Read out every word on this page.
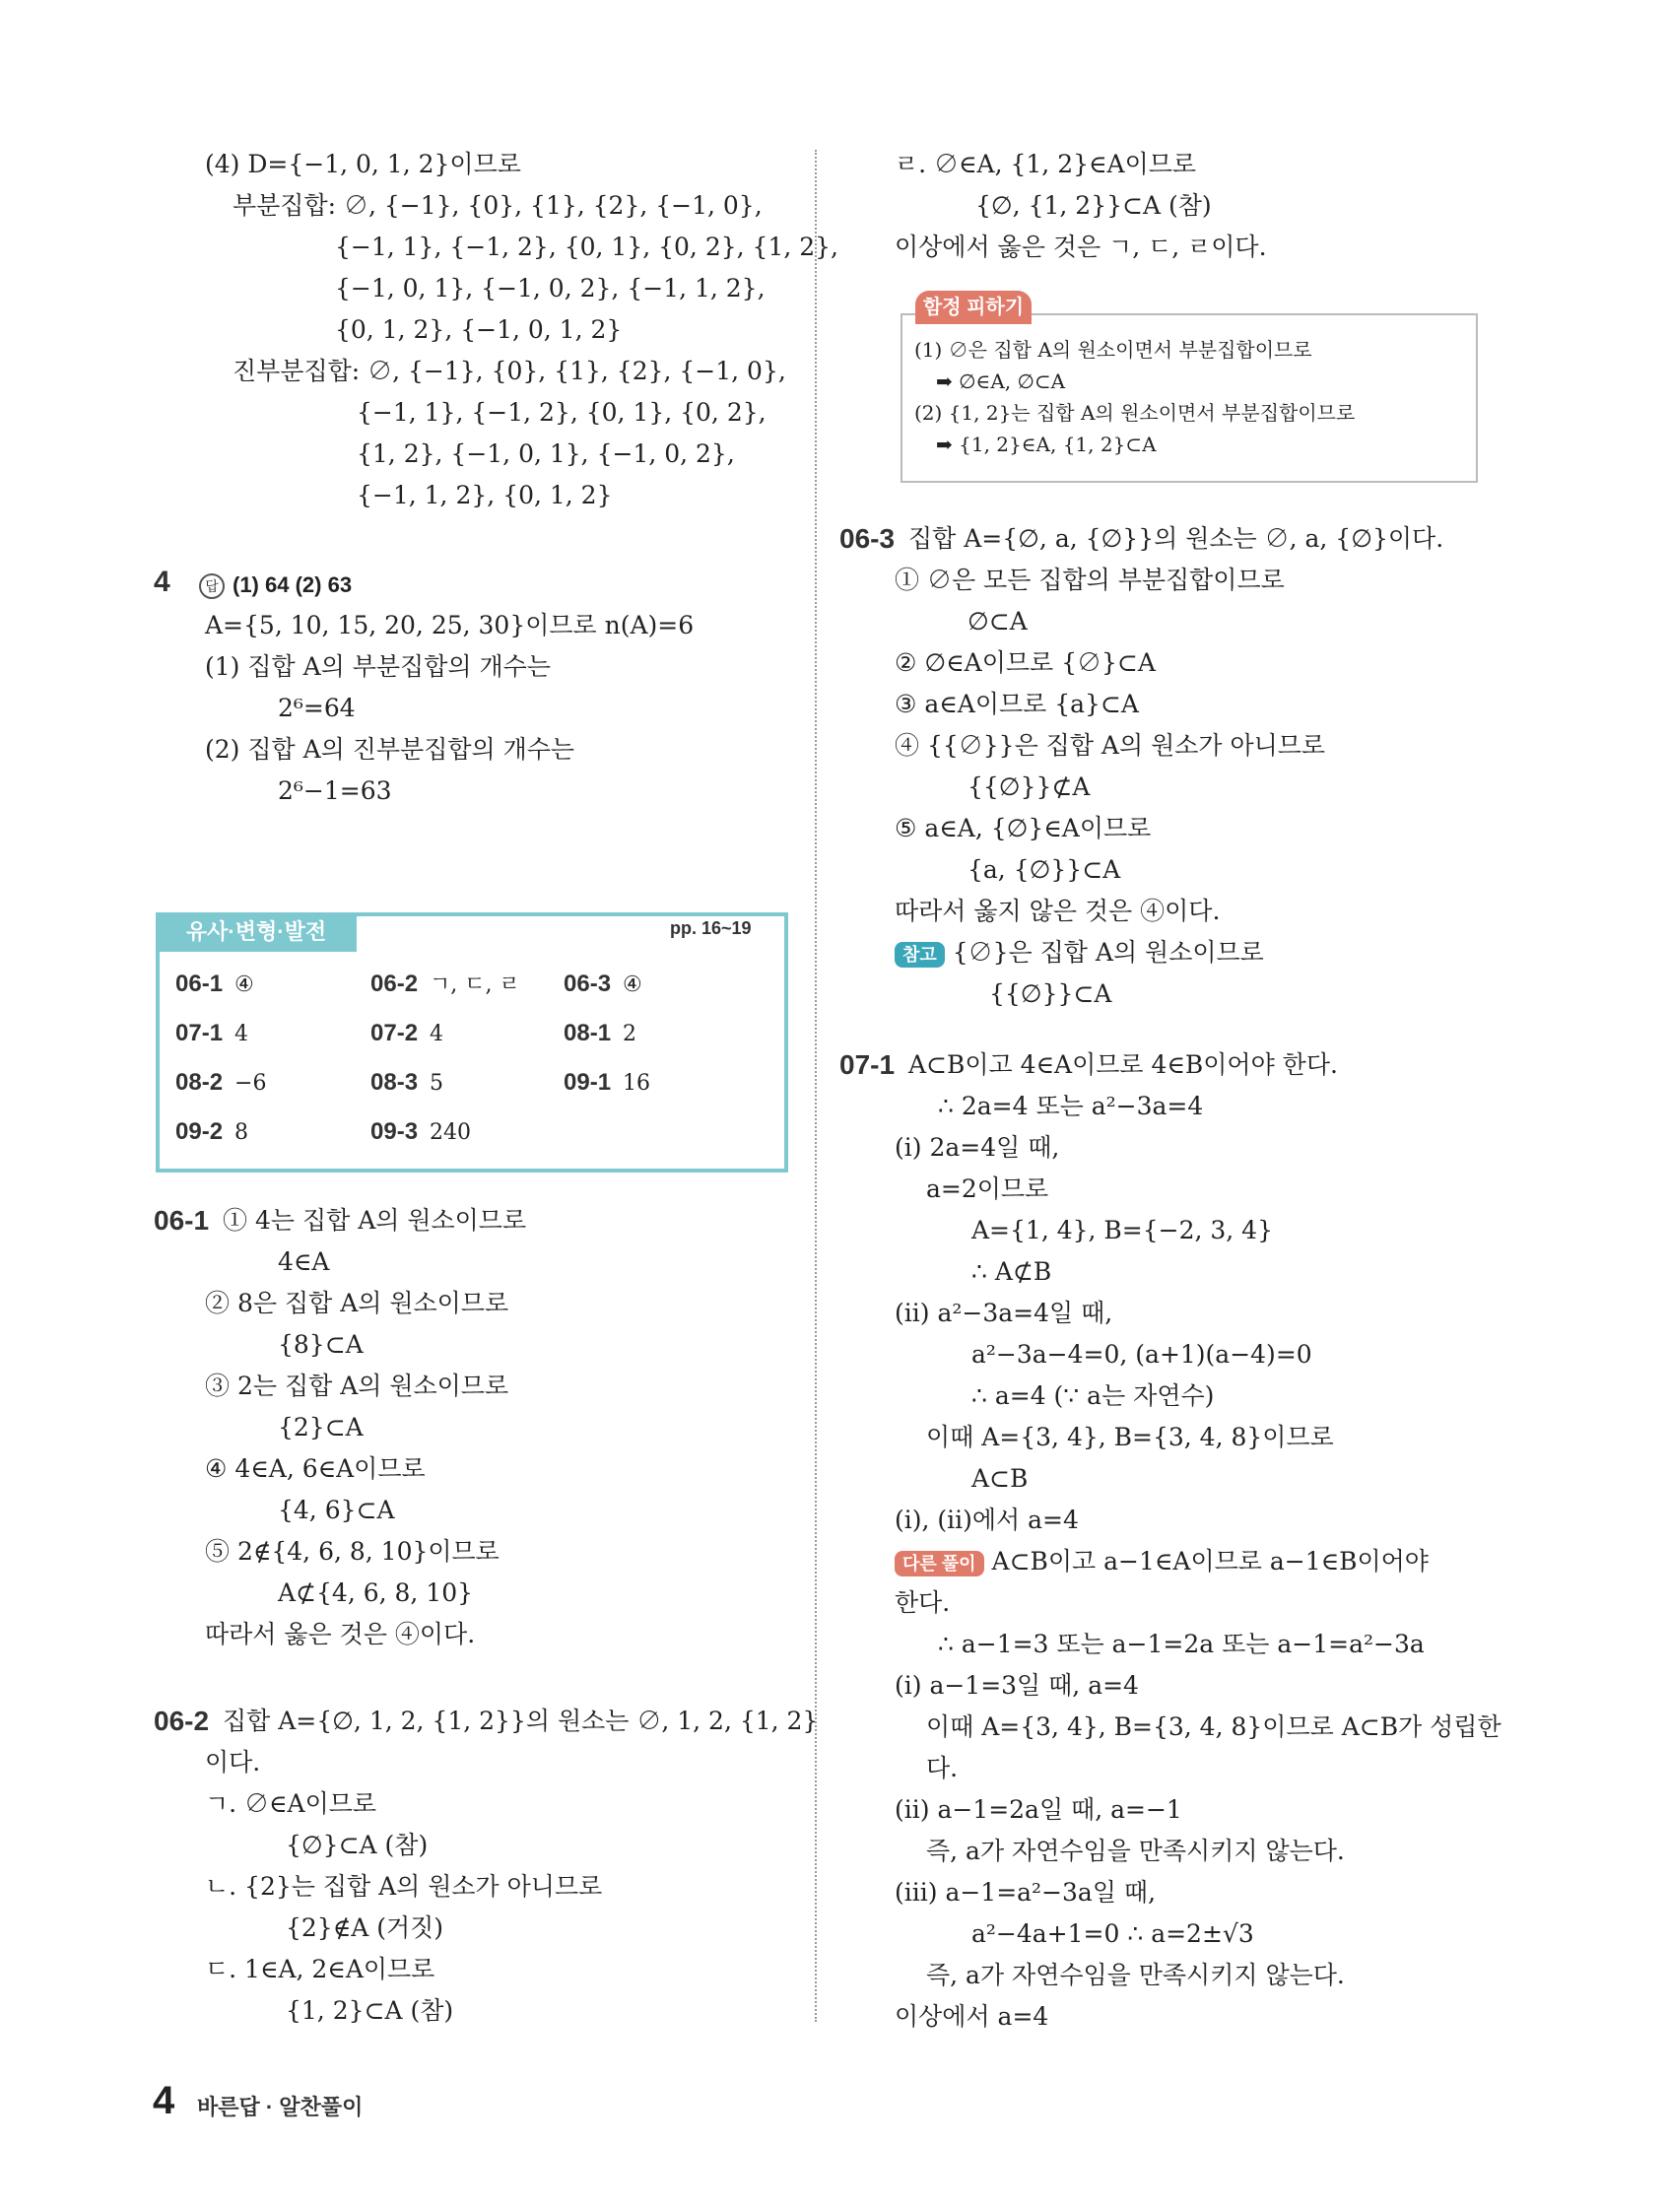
(4) D={−1, 0, 1, 2}이므로
부분집합: ∅, {−1}, {0}, {1}, {2}, {−1, 0},
{−1, 1}, {−1, 2}, {0, 1}, {0, 2}, {1, 2},
{−1, 0, 1}, {−1, 0, 2}, {−1, 1, 2},
{0, 1, 2}, {−1, 0, 1, 2}
진부분집합: ∅, {−1}, {0}, {1}, {2}, {−1, 0},
{−1, 1}, {−1, 2}, {0, 1}, {0, 2},
{1, 2}, {−1, 0, 1}, {−1, 0, 2},
{−1, 1, 2}, {0, 1, 2}
4	답 (1) 64 (2) 63
A={5, 10, 15, 20, 25, 30}이므로 n(A)=6
(1) 집합 A의 부분집합의 개수는
2⁶=64
(2) 집합 A의 진부분집합의 개수는
2⁶−1=63
유사·변형·발전	pp. 16~19
06-1 ④	06-2 ㄱ, ㄷ, ㄹ 06-3 ④
07-1 4	07-2 4	08-1 2
08-2 −6	08-3 5	09-1 16
09-2 8	09-3 240
06-1 ① 4는 집합 A의 원소이므로
4∈A
② 8은 집합 A의 원소이므로
{8}⊂A
③ 2는 집합 A의 원소이므로
{2}⊂A
④ 4∈A, 6∈A이므로
{4, 6}⊂A
⑤ 2∉{4, 6, 8, 10}이므로
A⊄{4, 6, 8, 10}
따라서 옳은 것은 ④이다.
06-2 집합 A={∅, 1, 2, {1, 2}}의 원소는 ∅, 1, 2, {1, 2}
이다.
ㄱ. ∅∈A이므로
{∅}⊂A (참)
ㄴ. {2}는 집합 A의 원소가 아니므로
{2}∉A (거짓)
ㄷ. 1∈A, 2∈A이므로
{1, 2}⊂A (참)
ㄹ. ∅∈A, {1, 2}∈A이므로
{∅, {1, 2}}⊂A (참)
이상에서 옳은 것은 ㄱ, ㄷ, ㄹ이다.
함정 피하기
(1) ∅은 집합 A의 원소이면서 부분집합이므로
➡ ∅∈A, ∅⊂A
(2) {1, 2}는 집합 A의 원소이면서 부분집합이므로
➡ {1, 2}∈A, {1, 2}⊂A
06-3 집합 A={∅, a, {∅}}의 원소는 ∅, a, {∅}이다.
① ∅은 모든 집합의 부분집합이므로
∅⊂A
② ∅∈A이므로 {∅}⊂A
③ a∈A이므로 {a}⊂A
④ {{∅}}은 집합 A의 원소가 아니므로
{{∅}}⊄A
⑤ a∈A, {∅}∈A이므로
{a, {∅}}⊂A
따라서 옳지 않은 것은 ④이다.
참고 {∅}은 집합 A의 원소이므로
{{∅}}⊂A
07-1 A⊂B이고 4∈A이므로 4∈B이어야 한다.
∴ 2a=4 또는 a²−3a=4
(i) 2a=4일 때,
a=2이므로
A={1, 4}, B={−2, 3, 4}
∴ A⊄B
(ii) a²−3a=4일 때,
a²−3a−4=0, (a+1)(a−4)=0
∴ a=4 (∵ a는 자연수)
이때 A={3, 4}, B={3, 4, 8}이므로
A⊂B
(i), (ii)에서 a=4
다른 풀이 A⊂B이고 a−1∈A이므로 a−1∈B이어야
한다.
∴ a−1=3 또는 a−1=2a 또는 a−1=a²−3a
(i) a−1=3일 때, a=4
이때 A={3, 4}, B={3, 4, 8}이므로 A⊂B가 성립한
다.
(ii) a−1=2a일 때, a=−1
즉, a가 자연수임을 만족시키지 않는다.
(iii) a−1=a²−3a일 때,
a²−4a+1=0 ∴ a=2±√3
즉, a가 자연수임을 만족시키지 않는다.
이상에서 a=4
4 바른답 · 알찬풀이
